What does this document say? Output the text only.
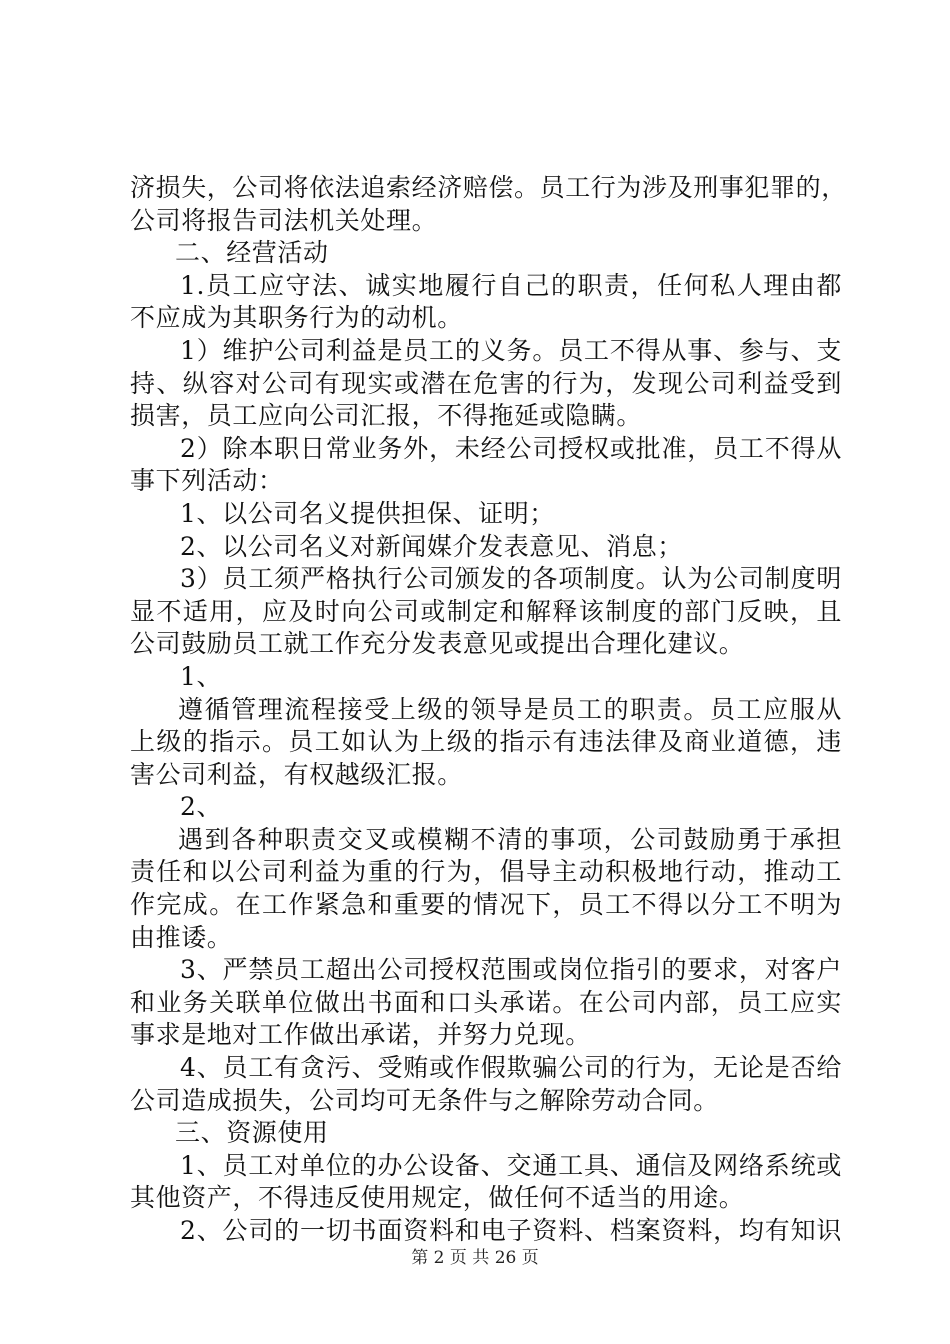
济损失，公司将依法追索经济赔偿。员工行为涉及刑事犯罪的，
公司将报告司法机关处理。
二、经营活动
1.员工应守法、诚实地履行自己的职责，任何私人理由都
不应成为其职务行为的动机。
1）维护公司利益是员工的义务。员工不得从事、参与、支
持、纵容对公司有现实或潜在危害的行为，发现公司利益受到
损害，员工应向公司汇报，不得拖延或隐瞒。
2）除本职日常业务外，未经公司授权或批准，员工不得从
事下列活动：
1、以公司名义提供担保、证明；
2、以公司名义对新闻媒介发表意见、消息；
3）员工须严格执行公司颁发的各项制度。认为公司制度明
显不适用，应及时向公司或制定和解释该制度的部门反映，且
公司鼓励员工就工作充分发表意见或提出合理化建议。
1、
遵循管理流程接受上级的领导是员工的职责。员工应服从
上级的指示。员工如认为上级的指示有违法律及商业道德，违
害公司利益，有权越级汇报。
2、
遇到各种职责交叉或模糊不清的事项，公司鼓励勇于承担
责任和以公司利益为重的行为，倡导主动积极地行动，推动工
作完成。在工作紧急和重要的情况下，员工不得以分工不明为
由推诿。
3、严禁员工超出公司授权范围或岗位指引的要求，对客户
和业务关联单位做出书面和口头承诺。在公司内部，员工应实
事求是地对工作做出承诺，并努力兑现。
4、员工有贪污、受贿或作假欺骗公司的行为，无论是否给
公司造成损失，公司均可无条件与之解除劳动合同。
三、资源使用
1、员工对单位的办公设备、交通工具、通信及网络系统或
其他资产，不得违反使用规定，做任何不适当的用途。
2、公司的一切书面资料和电子资料、档案资料，均有知识
第 2 页 共 26 页
